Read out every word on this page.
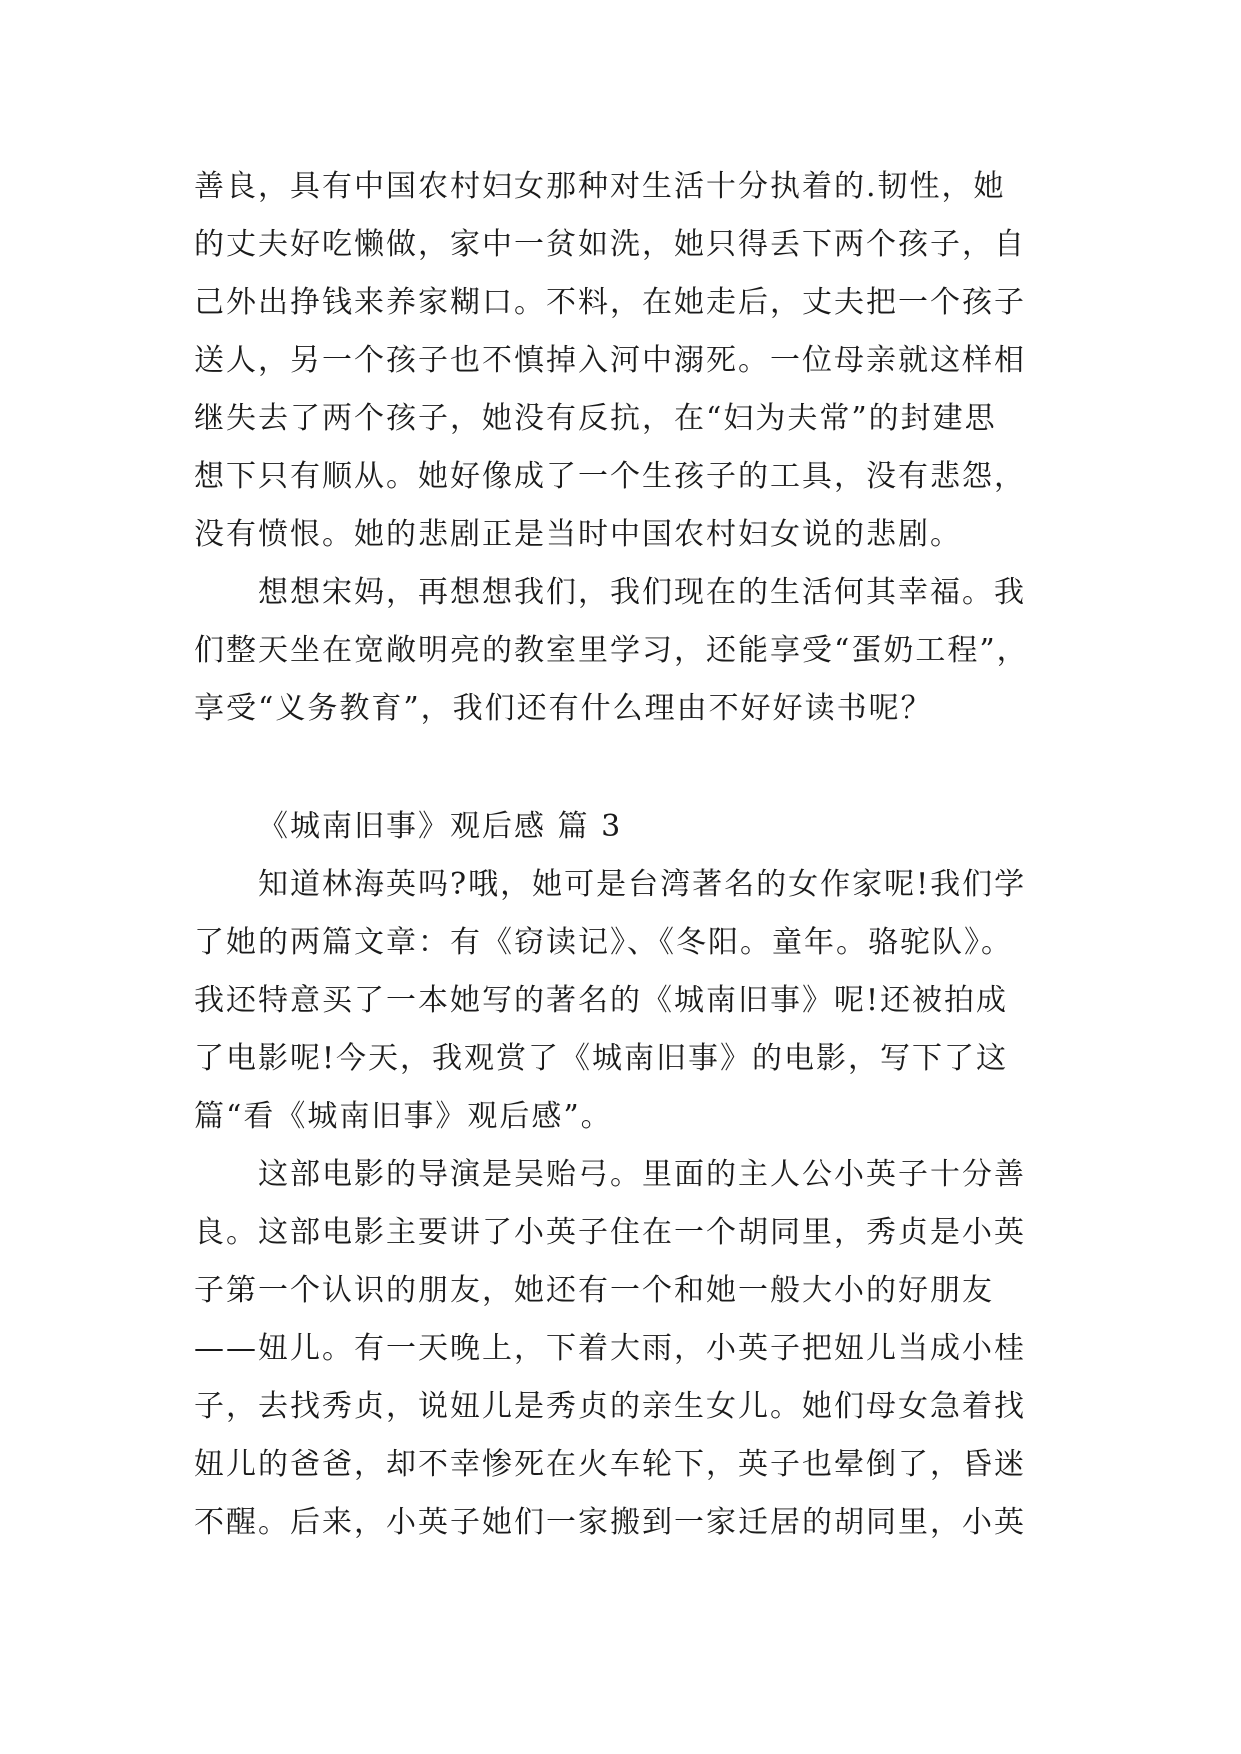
善良，具有中国农村妇女那种对生活十分执着的.韧性，她
的丈夫好吃懒做，家中一贫如洗，她只得丢下两个孩子，自
己外出挣钱来养家糊口。不料，在她走后，丈夫把一个孩子
送人，另一个孩子也不慎掉入河中溺死。一位母亲就这样相
继失去了两个孩子，她没有反抗，在“妇为夫常”的封建思
想下只有顺从。她好像成了一个生孩子的工具，没有悲怨，
没有愤恨。她的悲剧正是当时中国农村妇女说的悲剧。
　　想想宋妈，再想想我们，我们现在的生活何其幸福。我
们整天坐在宽敞明亮的教室里学习，还能享受“蛋奶工程”，
享受“义务教育”，我们还有什么理由不好好读书呢？
《城南旧事》观后感 篇 3
　　知道林海英吗?哦，她可是台湾著名的女作家呢!我们学
了她的两篇文章：有《窃读记》、《冬阳。童年。骆驼队》。
我还特意买了一本她写的著名的《城南旧事》呢!还被拍成
了电影呢!今天，我观赏了《城南旧事》的电影，写下了这
篇“看《城南旧事》观后感”。
　　这部电影的导演是吴贻弓。里面的主人公小英子十分善
良。这部电影主要讲了小英子住在一个胡同里，秀贞是小英
子第一个认识的朋友，她还有一个和她一般大小的好朋友
——妞儿。有一天晚上，下着大雨，小英子把妞儿当成小桂
子，去找秀贞，说妞儿是秀贞的亲生女儿。她们母女急着找
妞儿的爸爸，却不幸惨死在火车轮下，英子也晕倒了，昏迷
不醒。后来，小英子她们一家搬到一家迁居的胡同里，小英
